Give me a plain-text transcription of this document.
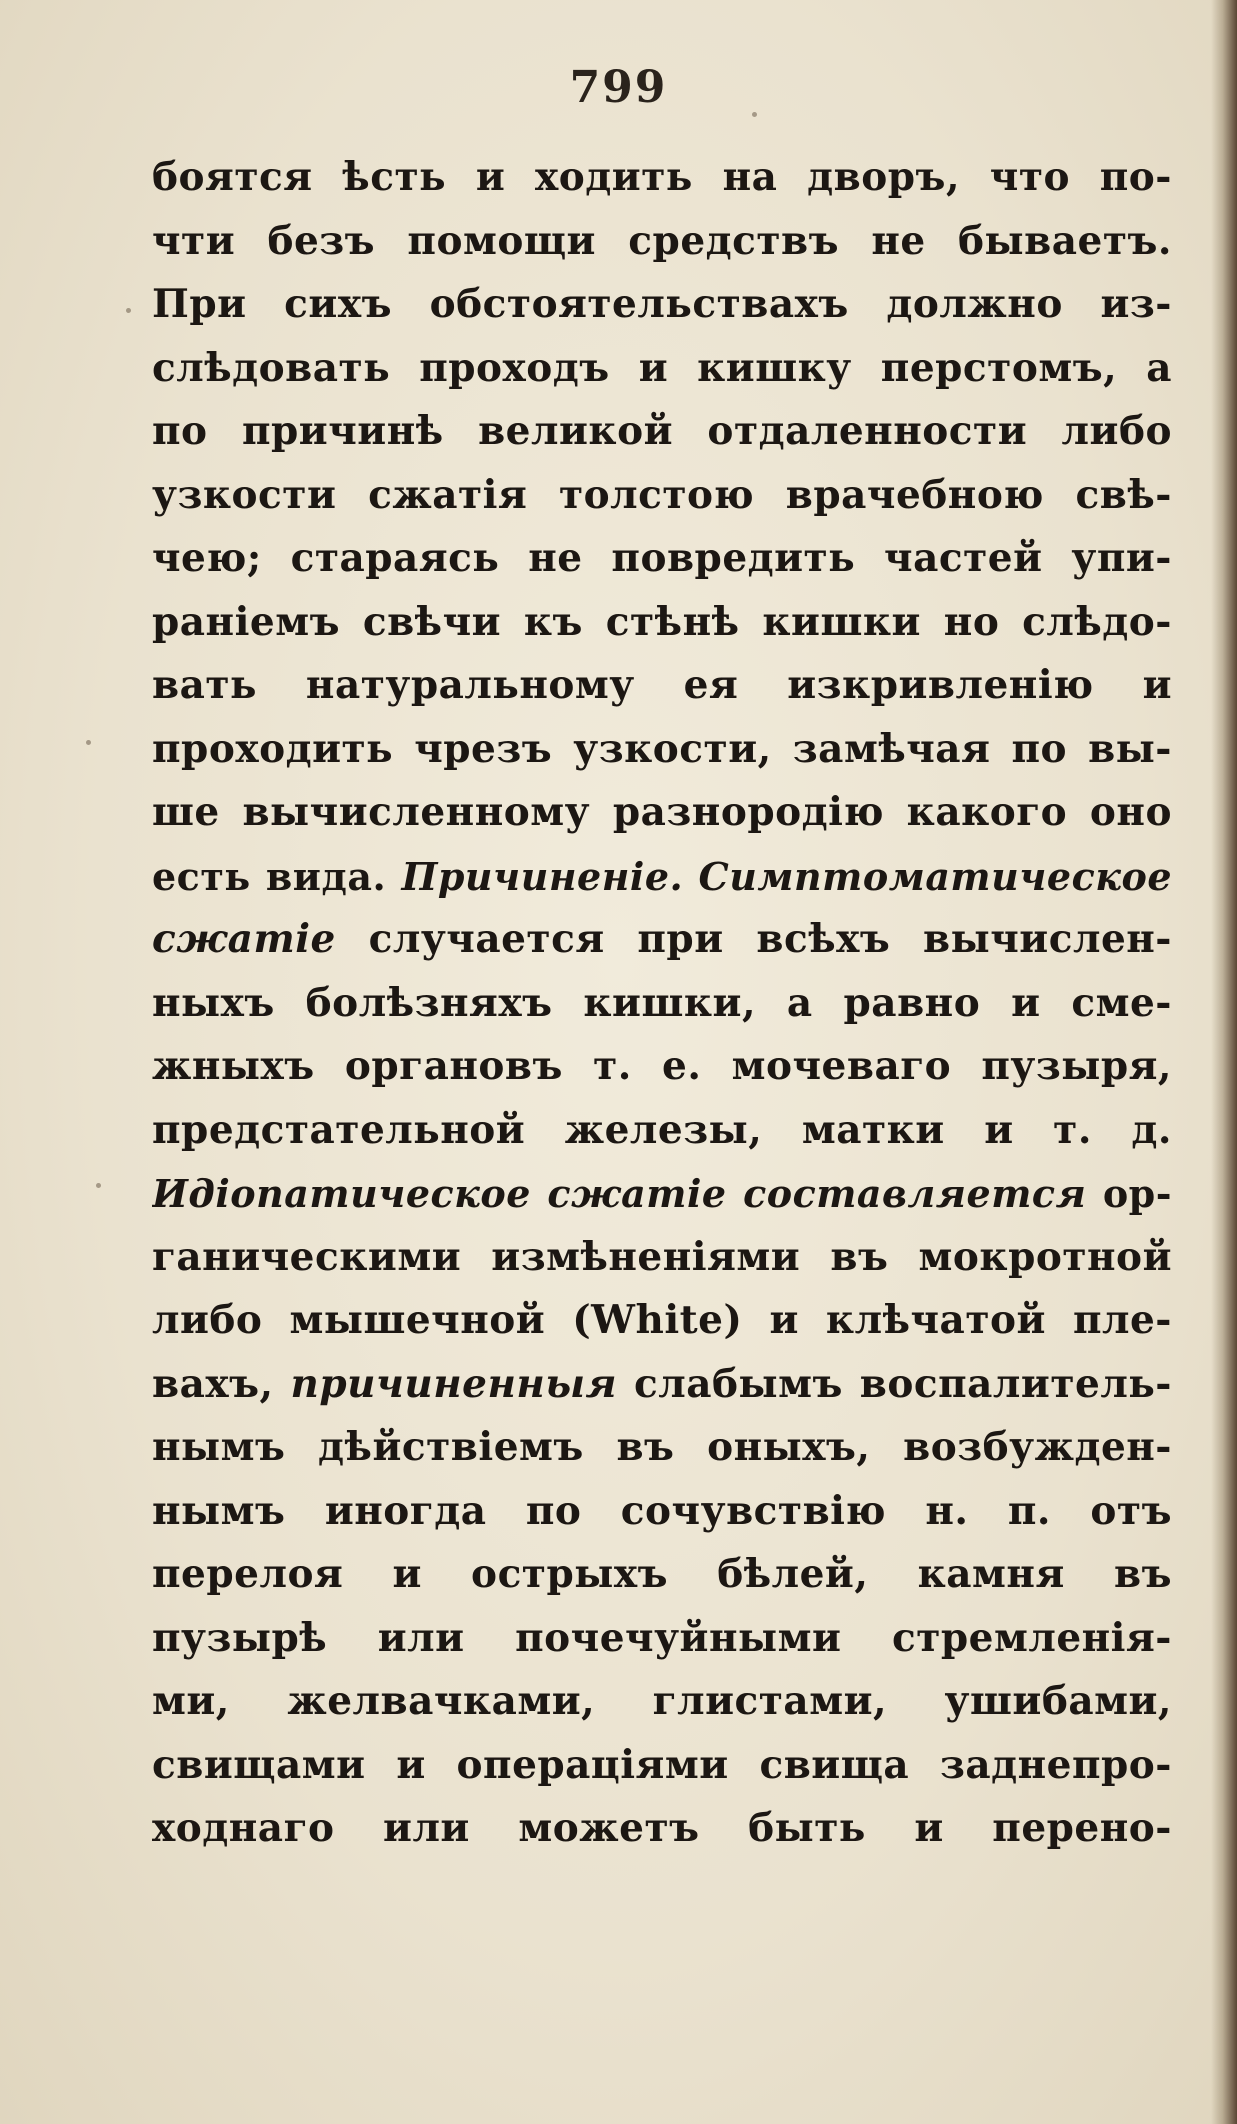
799
боятся ѣсть и ходить на дворъ, что по-
чти безъ помощи средствъ не бываетъ.
При сихъ обстоятельствахъ должно из-
слѣдовать проходъ и кишку перстомъ, а
по причинѣ великой отдаленности либо
узкости сжатія толстою врачебною свѣ-
чею; стараясь не повредить частей упи-
раніемъ свѣчи къ стѣнѣ кишки но слѣдо-
вать натуральному ея изкривленію и
проходить чрезъ узкости, замѣчая по вы-
ше вычисленному разнородію какого оно
есть вида. Причиненіе. Симптоматическое
сжатіе случается при всѣхъ вычислен-
ныхъ болѣзняхъ кишки, а равно и сме-
жныхъ органовъ т. е. мочеваго пузыря,
предстательной железы, матки и т. д.
Идіопатическое сжатіе составляется ор-
ганическими измѣненіями въ мокротной
либо мышечной (White) и клѣчатой пле-
вахъ, причиненныя слабымъ воспалитель-
нымъ дѣйствіемъ въ оныхъ, возбужден-
нымъ иногда по сочувствію н. п. отъ
перелоя и острыхъ бѣлей, камня въ
пузырѣ или почечуйными стремленія-
ми, желвачками, глистами, ушибами,
свищами и операціями свища заднепро-
ходнаго или можетъ быть и перено-
